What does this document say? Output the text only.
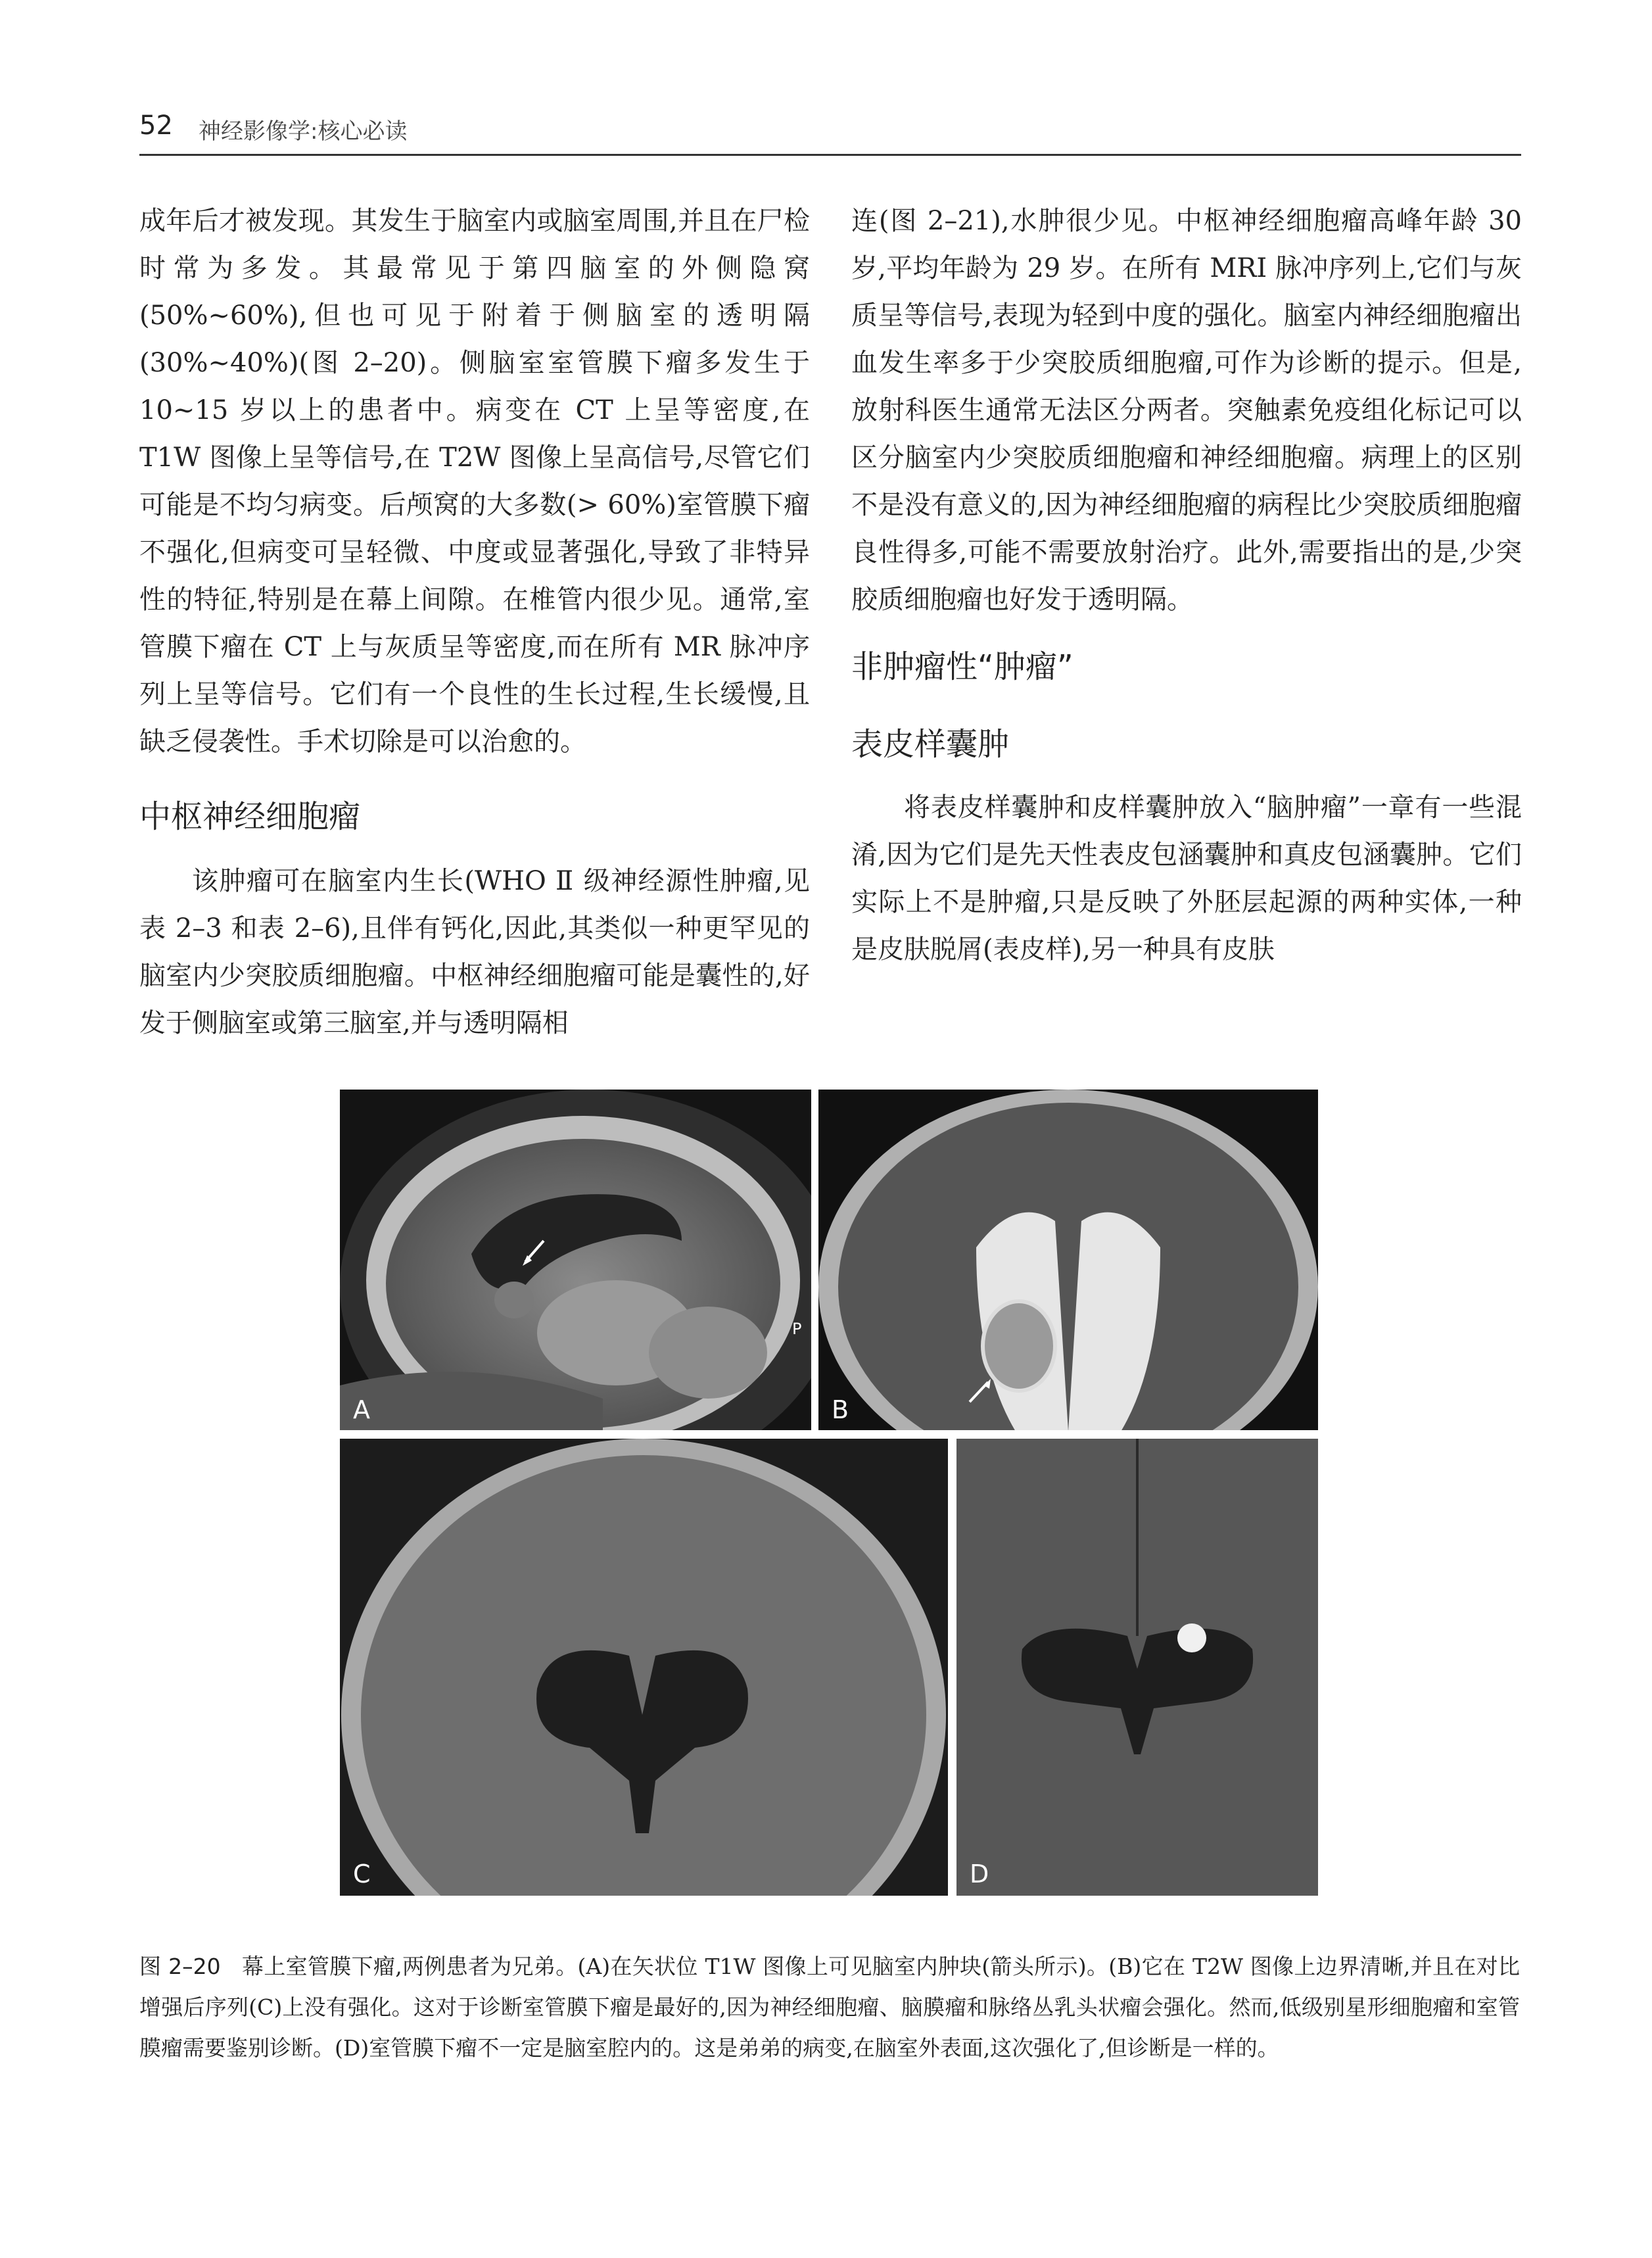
52 神经影像学:核心必读

成年后才被发现。其发生于脑室内或脑室周围,并且在尸检时常为多发。其最常见于第四脑室的外侧隐窝(50%~60%),但也可见于附着于侧脑室的透明隔(30%~40%)(图 2–20)。侧脑室室管膜下瘤多发生于 10~15 岁以上的患者中。病变在 CT 上呈等密度,在 T1W 图像上呈等信号,在 T2W 图像上呈高信号,尽管它们可能是不均匀病变。后颅窝的大多数(> 60%)室管膜下瘤不强化,但病变可呈轻微、中度或显著强化,导致了非特异性的特征,特别是在幕上间隙。在椎管内很少见。通常,室管膜下瘤在 CT 上与灰质呈等密度,而在所有 MR 脉冲序列上呈等信号。它们有一个良性的生长过程,生长缓慢,且缺乏侵袭性。手术切除是可以治愈的。

中枢神经细胞瘤

该肿瘤可在脑室内生长(WHO Ⅱ 级神经源性肿瘤,见表 2–3 和表 2–6),且伴有钙化,因此,其类似一种更罕见的脑室内少突胶质细胞瘤。中枢神经细胞瘤可能是囊性的,好发于侧脑室或第三脑室,并与透明隔相

连(图 2–21),水肿很少见。中枢神经细胞瘤高峰年龄 30 岁,平均年龄为 29 岁。在所有 MRI 脉冲序列上,它们与灰质呈等信号,表现为轻到中度的强化。脑室内神经细胞瘤出血发生率多于少突胶质细胞瘤,可作为诊断的提示。但是,放射科医生通常无法区分两者。突触素免疫组化标记可以区分脑室内少突胶质细胞瘤和神经细胞瘤。病理上的区别不是没有意义的,因为神经细胞瘤的病程比少突胶质细胞瘤良性得多,可能不需要放射治疗。此外,需要指出的是,少突胶质细胞瘤也好发于透明隔。

非肿瘤性“肿瘤”
表皮样囊肿

将表皮样囊肿和皮样囊肿放入“脑肿瘤”一章有一些混淆,因为它们是先天性表皮包涵囊肿和真皮包涵囊肿。它们实际上不是肿瘤,只是反映了外胚层起源的两种实体,一种是皮肤脱屑(表皮样),另一种具有皮肤

A
P
B
C	D
图 2–20 幕上室管膜下瘤,两例患者为兄弟。(A)在矢状位 T1W 图像上可见脑室内肿块(箭头所示)。(B)它在 T2W 图像上边界清晰,并且在对比增强后序列(C)上没有强化。这对于诊断室管膜下瘤是最好的,因为神经细胞瘤、脑膜瘤和脉络丛乳头状瘤会强化。然而,低级别星形细胞瘤和室管膜瘤需要鉴别诊断。(D)室管膜下瘤不一定是脑室腔内的。这是弟弟的病变,在脑室外表面,这次强化了,但诊断是一样的。
